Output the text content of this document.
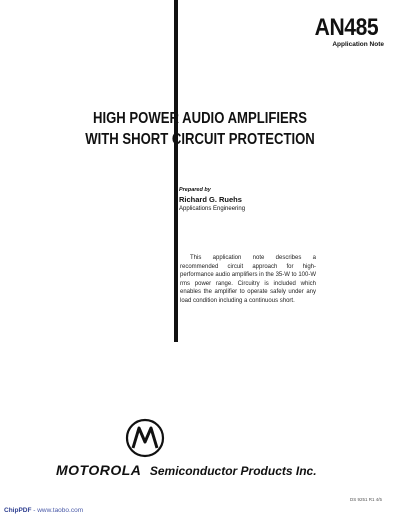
AN485
Application Note
HIGH POWER AUDIO AMPLIFIERS
WITH SHORT CIRCUIT PROTECTION
Prepared by
Richard G. Ruehs
Applications Engineering
This application note describes a recommended circuit approach for high-performance audio amplifiers in the 35-W to 100-W rms power range. Circuitry is included which enables the amplifier to operate safely under any load condition including a continuous short.
MOTOROLA Semiconductor Products Inc.
DS 9251 R1 4/5
ChipPDF - www.taobo.com
